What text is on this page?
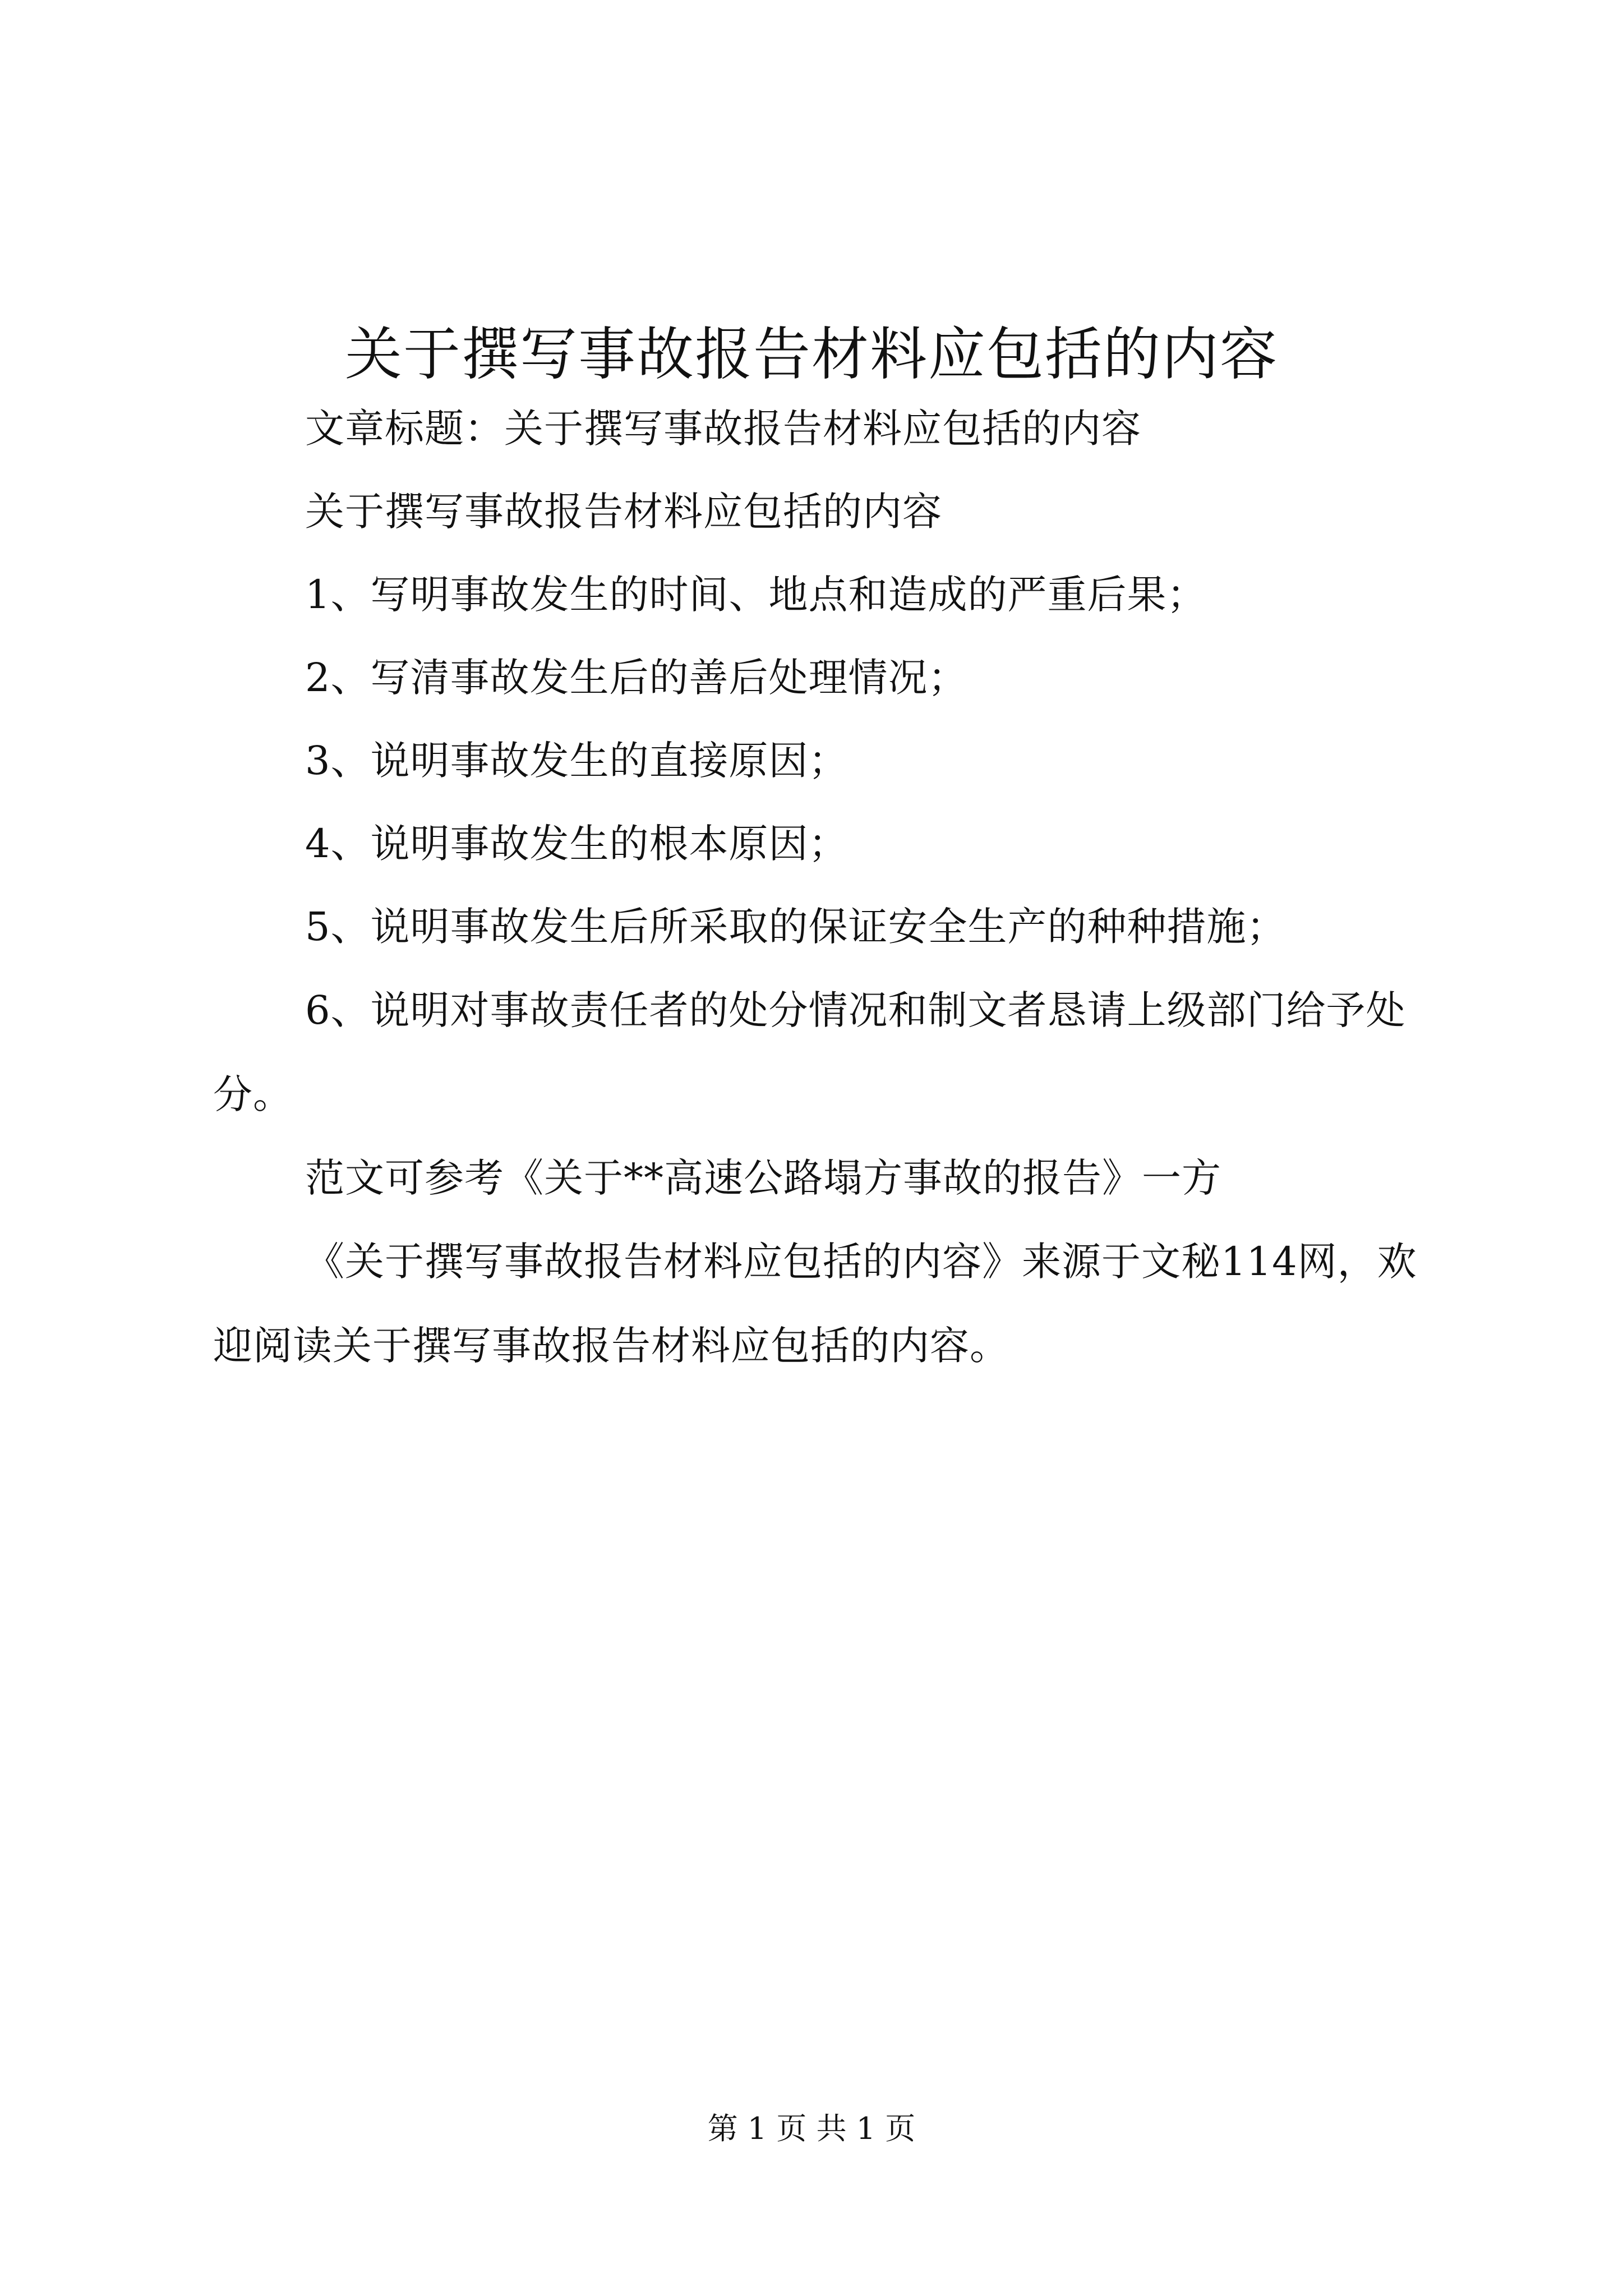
关于撰写事故报告材料应包括的内容

文章标题：关于撰写事故报告材料应包括的内容

关于撰写事故报告材料应包括的内容

1、写明事故发生的时间、地点和造成的严重后果；

2、写清事故发生后的善后处理情况；

3、说明事故发生的直接原因；

4、说明事故发生的根本原因；

5、说明事故发生后所采取的保证安全生产的种种措施；

6、说明对事故责任者的处分情况和制文者恳请上级部门给予处分。

范文可参考《关于**高速公路塌方事故的报告》一方

《关于撰写事故报告材料应包括的内容》来源于文秘114网，欢迎阅读关于撰写事故报告材料应包括的内容。

第 1 页 共 1 页
